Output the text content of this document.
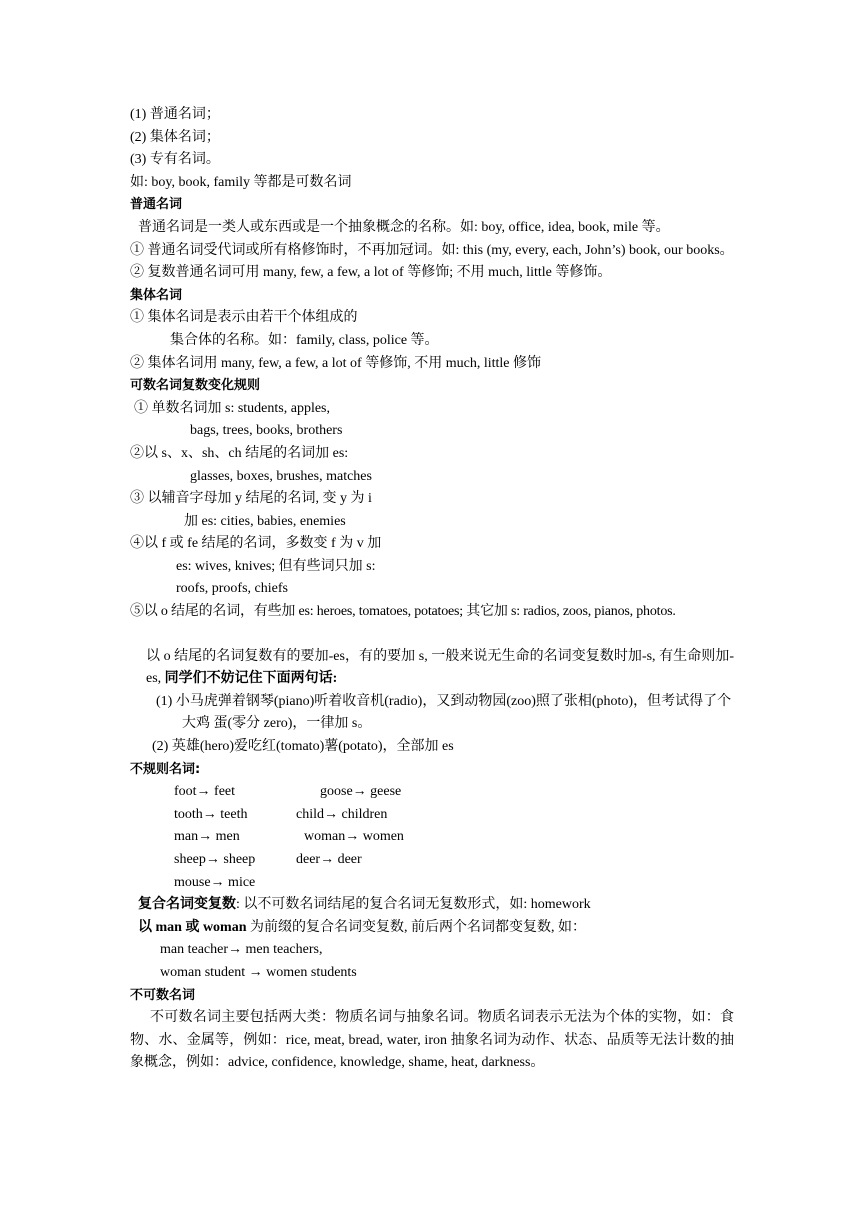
(1) 普通名词；
(2) 集体名词；
(3) 专有名词。
如: boy, book, family 等都是可数名词
普通名词
普通名词是一类人或东西或是一个抽象概念的名称。如: boy, office, idea, book, mile 等。
① 普通名词受代词或所有格修饰时，不再加冠词。如: this (my, every, each, John’s) book, our books。
② 复数普通名词可用 many, few, a few, a lot of 等修饰; 不用 much, little 等修饰。
集体名词
① 集体名词是表示由若干个体组成的
集合体的名称。如：family, class, police 等。
② 集体名词用 many, few, a few, a lot of 等修饰, 不用 much, little 修饰
可数名词复数变化规则
① 单数名词加 s: students, apples,
bags, trees, books, brothers
②以 s、x、sh、ch 结尾的名词加 es:
glasses, boxes, brushes, matches
③ 以辅音字母加 y 结尾的名词, 变 y 为 i
加 es: cities, babies, enemies
④以 f 或 fe 结尾的名词，多数变 f 为 v 加
es: wives, knives; 但有些词只加 s:
roofs, proofs, chiefs
⑤以 o 结尾的名词，有些加 es: heroes, tomatoes, potatoes; 其它加 s: radios, zoos, pianos, photos.
以 o 结尾的名词复数有的要加-es，有的要加 s, 一般来说无生命的名词变复数时加-s, 有生命则加-es, 同学们不妨记住下面两句话:
(1) 小马虎弹着钢琴(piano)听着收音机(radio)，又到动物园(zoo)照了张相(photo)，但考试得了个大鸡 蛋(零分 zero)，一律加 s。
(2) 英雄(hero)爱吃红(tomato)薯(potato)，全部加 es
不规则名词:
foot→ feet	goose→ geese
tooth→ teeth	child→ children
man→ men	woman→ women
sheep→ sheep	deer→ deer
mouse→ mice
复合名词变复数: 以不可数名词结尾的复合名词无复数形式，如: homework
以 man 或 woman 为前缀的复合名词变复数, 前后两个名词都变复数, 如：
man teacher→ men teachers,
woman student → women students
不可数名词
不可数名词主要包括两大类：物质名词与抽象名词。物质名词表示无法为个体的实物，如：食物、水、金属等，例如：rice, meat, bread, water, iron 抽象名词为动作、状态、品质等无法计数的抽象概念，例如：advice, confidence, knowledge, shame, heat, darkness。
